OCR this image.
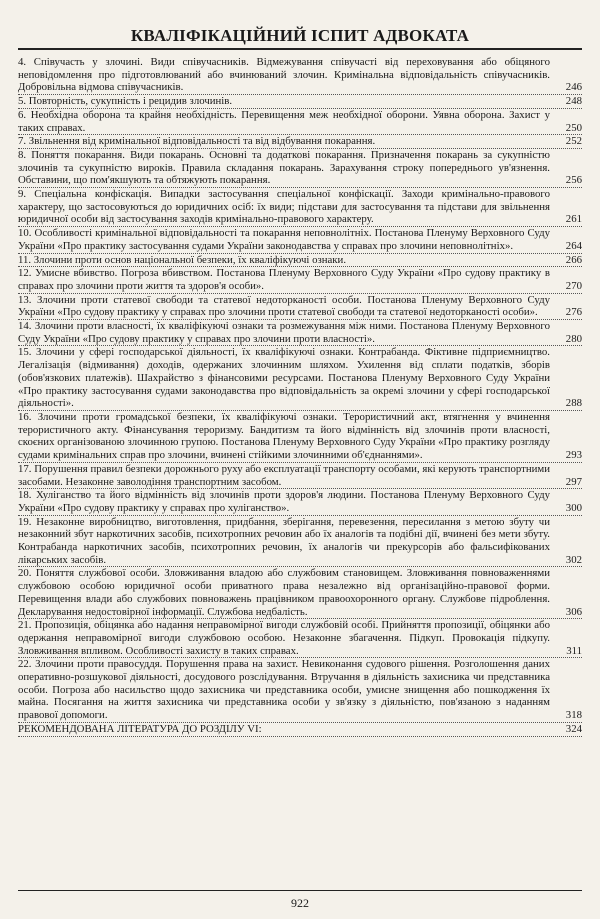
КВАЛІФІКАЦІЙНИЙ ІСПИТ АДВОКАТА
4. Співучасть у злочині. Види співучасників. Відмежування співучасті від переховування або обіцяного неповідомлення про підготовлюваний або вчинюваний злочин. Кримінальна відповідальність співучасників. Добровільна відмова співучасників.	246
5. Повторність, сукупність і рецидив злочинів.	248
6. Необхідна оборона та крайня необхідність. Перевищення меж необхідної оборони. Уявна оборона. Захист у таких справах.	250
7. Звільнення від кримінальної відповідальності та від відбування покарання.	252
8. Поняття покарання. Види покарань. Основні та додаткові покарання. Призначення покарань за сукупністю злочинів та сукупністю вироків. Правила складання покарань. Зарахування строку попереднього ув'язнення. Обставини, що пом'якшують та обтяжують покарання.	256
9. Спеціальна конфіскація. Випадки застосування спеціальної конфіскації. Заходи кримінально-правового характеру, що застосовуються до юридичних осіб: їх види; підстави для застосування та підстави для звільнення юридичної особи від застосування заходів кримінально-правового характеру.	261
10. Особливості кримінальної відповідальності та покарання неповнолітніх. Постанова Пленуму Верховного Суду України «Про практику застосування судами України законодавства у справах про злочини неповнолітніх».	264
11. Злочини проти основ національної безпеки, їх кваліфікуючі ознаки.	266
12. Умисне вбивство. Погроза вбивством. Постанова Пленуму Верховного Суду України «Про судову практику в справах про злочини проти життя та здоров'я особи».	270
13. Злочини проти статевої свободи та статевої недоторканості особи. Постанова Пленуму Верховного Суду України «Про судову практику у справах про злочини проти статевої свободи та статевої недоторканості особи».	276
14. Злочини проти власності, їх кваліфікуючі ознаки та розмежування між ними. Постанова Пленуму Верховного Суду України «Про судову практику у справах про злочини проти власності».	280
15. Злочини у сфері господарської діяльності, їх кваліфікуючі ознаки. Контрабанда. Фіктивне підприємництво. Легалізація (відмивання) доходів, одержаних злочинним шляхом. Ухилення від сплати податків, зборів (обов'язкових платежів). Шахрайство з фінансовими ресурсами. Постанова Пленуму Верховного Суду України «Про практику застосування судами законодавства про відповідальність за окремі злочини у сфері господарської діяльності».	288
16. Злочини проти громадської безпеки, їх кваліфікуючі ознаки. Терористичний акт, втягнення у вчинення терористичного акту. Фінансування тероризму. Бандитизм та його відмінність від злочинів проти власності, скоєних організованою злочинною групою. Постанова Пленуму Верховного Суду України «Про практику розгляду судами кримінальних справ про злочини, вчинені стійкими злочинними об'єднаннями».	293
17. Порушення правил безпеки дорожнього руху або експлуатації транспорту особами, які керують транспортними засобами. Незаконне заволодіння транспортним засобом.	297
18. Хуліганство та його відмінність від злочинів проти здоров'я людини. Постанова Пленуму Верховного Суду України «Про судову практику у справах про хуліганство».	300
19. Незаконне виробництво, виготовлення, придбання, зберігання, перевезення, пересилання з метою збуту чи незаконний збут наркотичних засобів, психотропних речовин або їх аналогів та подібні дії, вчинені без мети збуту. Контрабанда наркотичних засобів, психотропних речовин, їх аналогів чи прекурсорів або фальсифікованих лікарських засобів.	302
20. Поняття службової особи. Зловживання владою або службовим становищем. Зловживання повноваженнями службовою особою юридичної особи приватного права незалежно від організаційно-правової форми. Перевищення влади або службових повноважень працівником правоохоронного органу. Службове підроблення. Декларування недостовірної інформації. Службова недбалість.	306
21. Пропозиція, обіцянка або надання неправомірної вигоди службовій особі. Прийняття пропозиції, обіцянки або одержання неправомірної вигоди службовою особою. Незаконне збагачення. Підкуп. Провокація підкупу. Зловживання впливом. Особливості захисту в таких справах.	311
22. Злочини проти правосуддя. Порушення права на захист. Невиконання судового рішення. Розголошення даних оперативно-розшукової діяльності, досудового розслідування. Втручання в діяльність захисника чи представника особи. Погроза або насильство щодо захисника чи представника особи, умисне знищення або пошкодження їх майна. Посягання на життя захисника чи представника особи у зв'язку з діяльністю, пов'язаною з наданням правової допомоги.	318
РЕКОМЕНДОВАНА ЛІТЕРАТУРА ДО РОЗДІЛУ VI:	324
922
